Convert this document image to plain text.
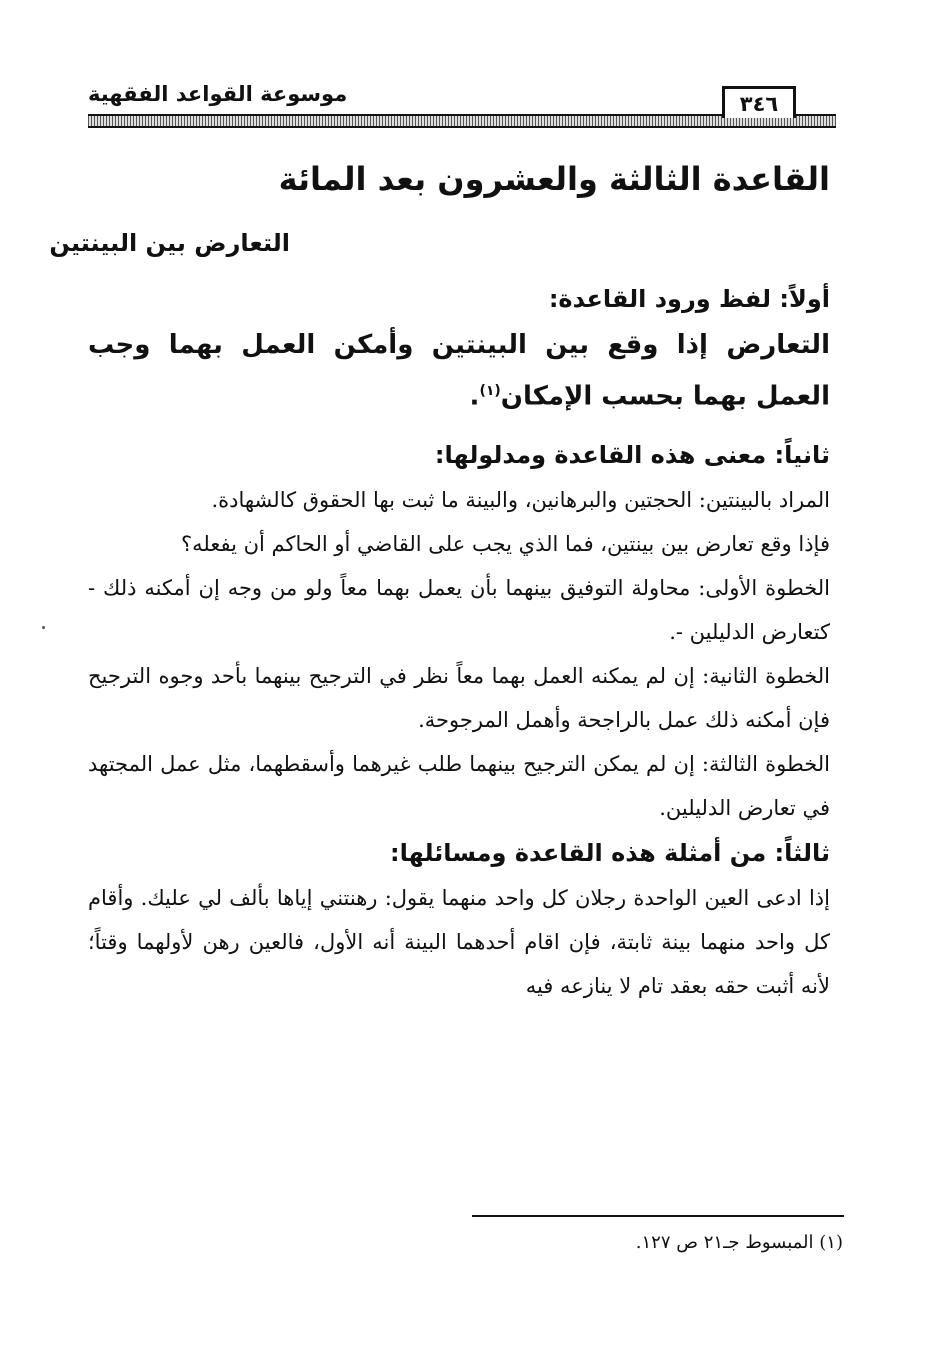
موسوعة القواعد الفقهية	٣٤٦
القاعدة الثالثة والعشرون بعد المائة
التعارض بين البينتين
أولاً: لفظ ورود القاعدة:

التعارض إذا وقع بين البينتين وأمكن العمل بهما وجب العمل بهما بحسب الإمكان$^{(١)}$.

ثانياً: معنى هذه القاعدة ومدلولها:

المراد بالبينتين: الحجتين والبرهانين، والبينة ما ثبت بها الحقوق كالشهادة.

فإذا وقع تعارض بين بينتين، فما الذي يجب على القاضي أو الحاكم أن يفعله؟

الخطوة الأولى: محاولة التوفيق بينهما بأن يعمل بهما معاً ولو من وجه إن أمكنه ذلك - كتعارض الدليلين -.

الخطوة الثانية: إن لم يمكنه العمل بهما معاً نظر في الترجيح بينهما بأحد وجوه الترجيح فإن أمكنه ذلك عمل بالراجحة وأهمل المرجوحة.

الخطوة الثالثة: إن لم يمكن الترجيح بينهما طلب غيرهما وأسقطهما، مثل عمل المجتهد في تعارض الدليلين.

ثالثاً: من أمثلة هذه القاعدة ومسائلها:

إذا ادعى العين الواحدة رجلان كل واحد منهما يقول: رهنتني إياها بألف لي عليك. وأقام كل واحد منهما بينة ثابتة، فإن اقام أحدهما البينة أنه الأول، فالعين رهن لأولهما وقتاً؛ لأنه أثبت حقه بعقد تام لا ينازعه فيه

(١) المبسوط جـ٢١ ص ١٢٧.
